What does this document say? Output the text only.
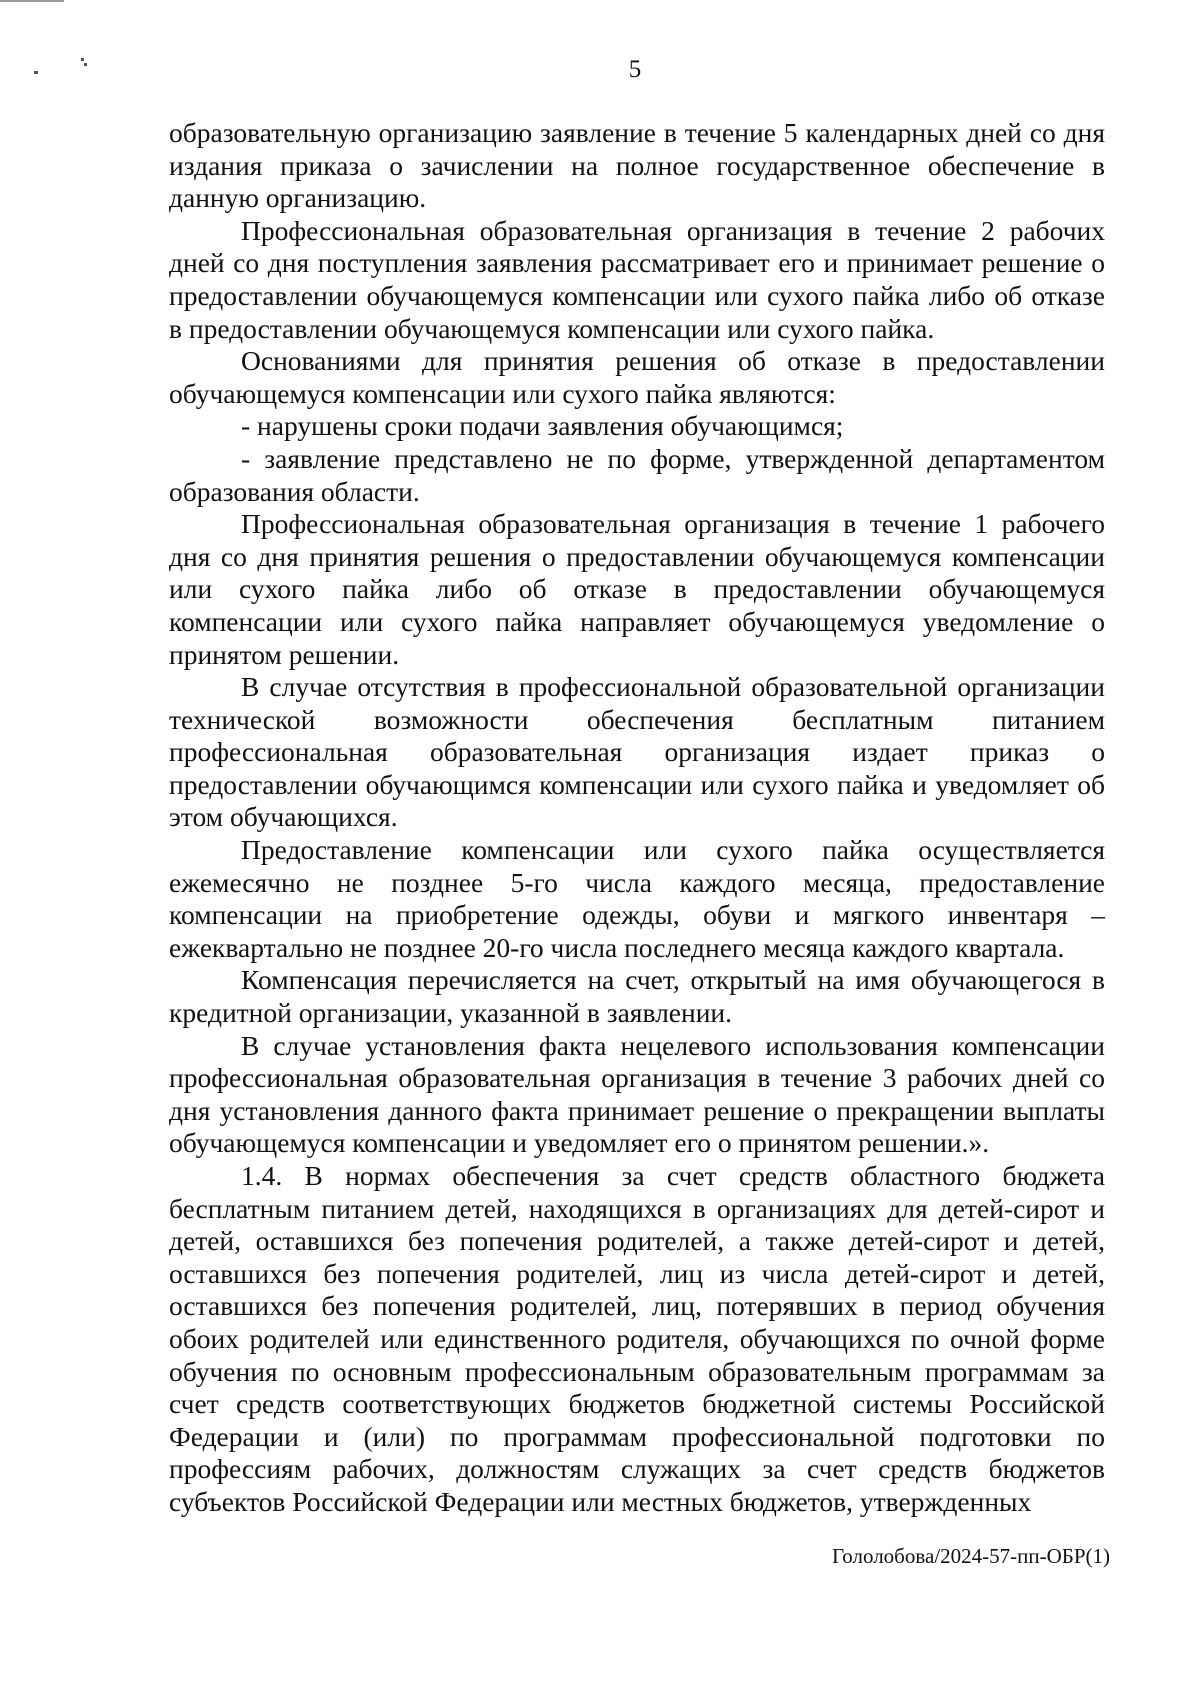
5

образовательную организацию заявление в течение 5 календарных дней со дня издания приказа о зачислении на полное государственное обеспечение в данную организацию.

Профессиональная образовательная организация в течение 2 рабочих дней со дня поступления заявления рассматривает его и принимает решение о предоставлении обучающемуся компенсации или сухого пайка либо об отказе в предоставлении обучающемуся компенсации или сухого пайка.

Основаниями для принятия решения об отказе в предоставлении обучающемуся компенсации или сухого пайка являются:

- нарушены сроки подачи заявления обучающимся;

- заявление представлено не по форме, утвержденной департаментом образования области.

Профессиональная образовательная организация в течение 1 рабочего дня со дня принятия решения о предоставлении обучающемуся компенсации или сухого пайка либо об отказе в предоставлении обучающемуся компенсации или сухого пайка направляет обучающемуся уведомление о принятом решении.

В случае отсутствия в профессиональной образовательной организации технической возможности обеспечения бесплатным питанием профессиональная образовательная организация издает приказ о предоставлении обучающимся компенсации или сухого пайка и уведомляет об этом обучающихся.

Предоставление компенсации или сухого пайка осуществляется ежемесячно не позднее 5-го числа каждого месяца, предоставление компенсации на приобретение одежды, обуви и мягкого инвентаря – ежеквартально не позднее 20-го числа последнего месяца каждого квартала.

Компенсация перечисляется на счет, открытый на имя обучающегося в кредитной организации, указанной в заявлении.

В случае установления факта нецелевого использования компенсации профессиональная образовательная организация в течение 3 рабочих дней со дня установления данного факта принимает решение о прекращении выплаты обучающемуся компенсации и уведомляет его о принятом решении.».

1.4. В нормах обеспечения за счет средств областного бюджета бесплатным питанием детей, находящихся в организациях для детей-сирот и детей, оставшихся без попечения родителей, а также детей-сирот и детей, оставшихся без попечения родителей, лиц из числа детей-сирот и детей, оставшихся без попечения родителей, лиц, потерявших в период обучения обоих родителей или единственного родителя, обучающихся по очной форме обучения по основным профессиональным образовательным программам за счет средств соответствующих бюджетов бюджетной системы Российской Федерации и (или) по программам профессиональной подготовки по профессиям рабочих, должностям служащих за счет средств бюджетов субъектов Российской Федерации или местных бюджетов, утвержденных

Гололобова/2024-57-пп-ОБР(1)
